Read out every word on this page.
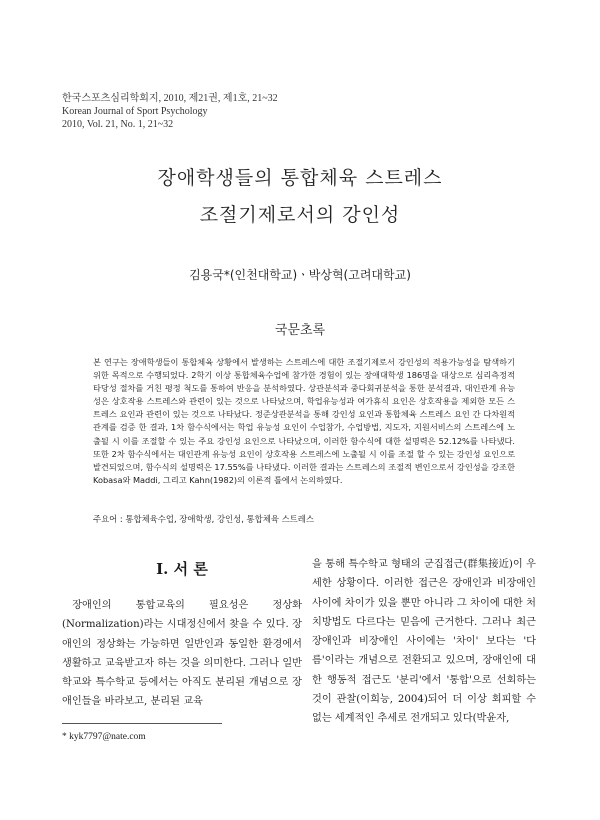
한국스포츠심리학회지, 2010, 제21권, 제1호, 21~32
Korean Journal of Sport Psychology
2010, Vol. 21, No. 1, 21~32
장애학생들의 통합체육 스트레스
조절기제로서의 강인성
김용국*(인천대학교)ㆍ박상혁(고려대학교)
국문초록

본 연구는 장애학생들이 통합체육 상황에서 발생하는 스트레스에 대한 조절기제로서 강인성의 적용가능성을 탐색하기 위한 목적으로 수행되었다. 2학기 이상 통합체육수업에 참가한 경험이 있는 장애대학생 186명을 대상으로 심리측정적 타당성 절차를 거친 평정 척도를 통하여 반응을 분석하였다. 상관분석과 중다회귀분석을 통한 분석결과, 대인관계 유능성은 상호작용 스트레스와 관련이 있는 것으로 나타났으며, 학업유능성과 여가휴식 요인은 상호작용을 제외한 모든 스트레스 요인과 관련이 있는 것으로 나타났다. 정준상관분석을 통해 강인성 요인과 통합체육 스트레스 요인 간 다차원적 관계를 검증 한 결과, 1차 함수식에서는 학업 유능성 요인이 수업참가, 수업방법, 지도자, 지원서비스의 스트레스에 노출될 시 이를 조절할 수 있는 주요 강인성 요인으로 나타났으며, 이러한 함수식에 대한 설명력은 52.12%를 나타냈다. 또한 2차 함수식에서는 대인관계 유능성 요인이 상호작용 스트레스에 노출될 시 이를 조절 할 수 있는 강인성 요인으로 발견되었으며, 함수식의 설명력은 17.55%를 나타냈다. 이러한 결과는 스트레스의 조절적 변인으로서 강인성을 강조한 Kobasa와 Maddi, 그리고 Kahn(1982)의 이론적 틀에서 논의하였다.

주요어 : 통합체육수업, 장애학생, 강인성, 통합체육 스트레스
I. 서 론

장애인의 통합교육의 필요성은 정상화(Normalization)라는 시대정신에서 찾을 수 있다. 장애인의 정상화는 가능하면 일반인과 동일한 환경에서 생활하고 교육받고자 하는 것을 의미한다. 그러나 일반학교와 특수학교 등에서는 아직도 분리된 개념으로 장애인들을 바라보고, 분리된 교육

을 통해 특수학교 형태의 군집접근(群集接近)이 우세한 상황이다. 이러한 접근은 장애인과 비장애인 사이에 차이가 있을 뿐만 아니라 그 차이에 대한 처치방법도 다르다는 믿음에 근거한다. 그러나 최근 장애인과 비장애인 사이에는 '차이' 보다는 '다름'이라는 개념으로 전환되고 있으며, 장애인에 대한 행동적 접근도 '분리'에서 '통합'으로 선회하는 것이 관찰(이희능, 2004)되어 더 이상 회피할 수 없는 세계적인 추세로 전개되고 있다(박윤자,

* kyk7797@nate.com
